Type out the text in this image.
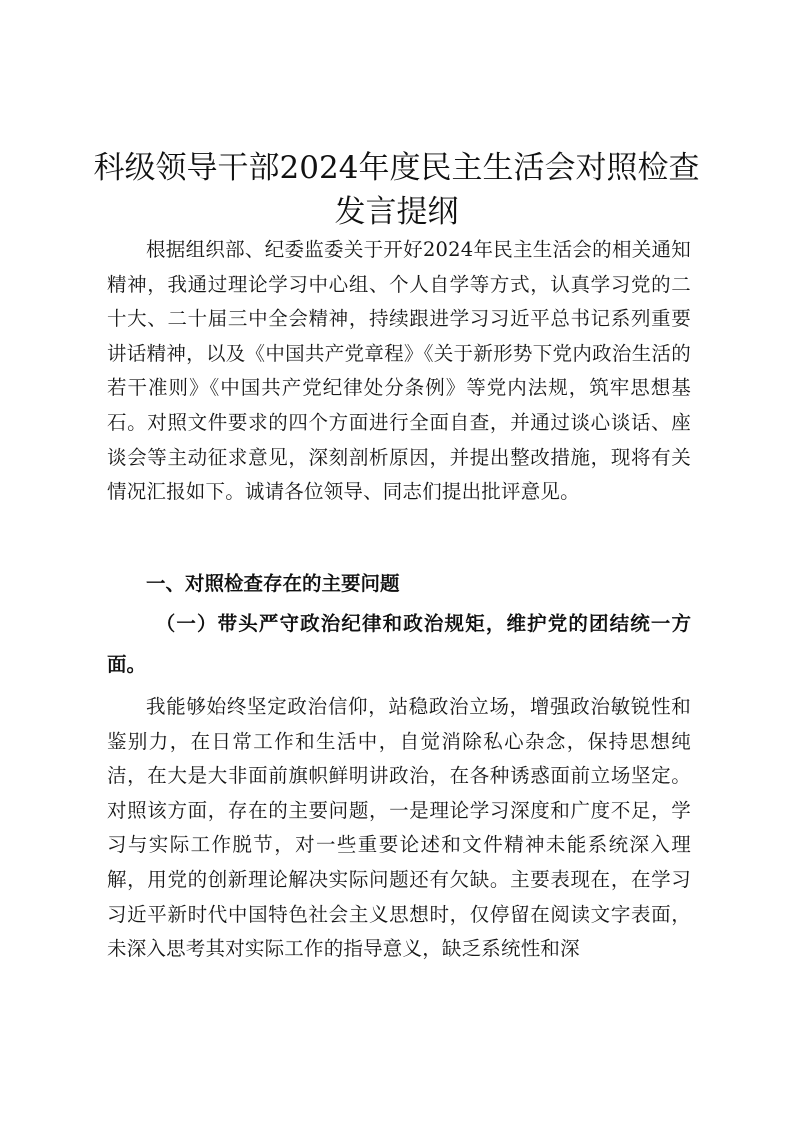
科级领导干部2024年度民主生活会对照检查
发言提纲

根据组织部、纪委监委关于开好2024年民主生活会的相关通知精神，我通过理论学习中心组、个人自学等方式，认真学习党的二十大、二十届三中全会精神，持续跟进学习习近平总书记系列重要讲话精神，以及《中国共产党章程》《关于新形势下党内政治生活的若干准则》《中国共产党纪律处分条例》等党内法规，筑牢思想基石。对照文件要求的四个方面进行全面自查，并通过谈心谈话、座谈会等主动征求意见，深刻剖析原因，并提出整改措施，现将有关情况汇报如下。诚请各位领导、同志们提出批评意见。

一、对照检查存在的主要问题
（一）带头严守政治纪律和政治规矩，维护党的团结统一方面。

我能够始终坚定政治信仰，站稳政治立场，增强政治敏锐性和鉴别力，在日常工作和生活中，自觉消除私心杂念，保持思想纯洁，在大是大非面前旗帜鲜明讲政治，在各种诱惑面前立场坚定。对照该方面，存在的主要问题，一是理论学习深度和广度不足，学习与实际工作脱节，对一些重要论述和文件精神未能系统深入理解，用党的创新理论解决实际问题还有欠缺。主要表现在，在学习习近平新时代中国特色社会主义思想时，仅停留在阅读文字表面，未深入思考其对实际工作的指导意义，缺乏系统性和深
